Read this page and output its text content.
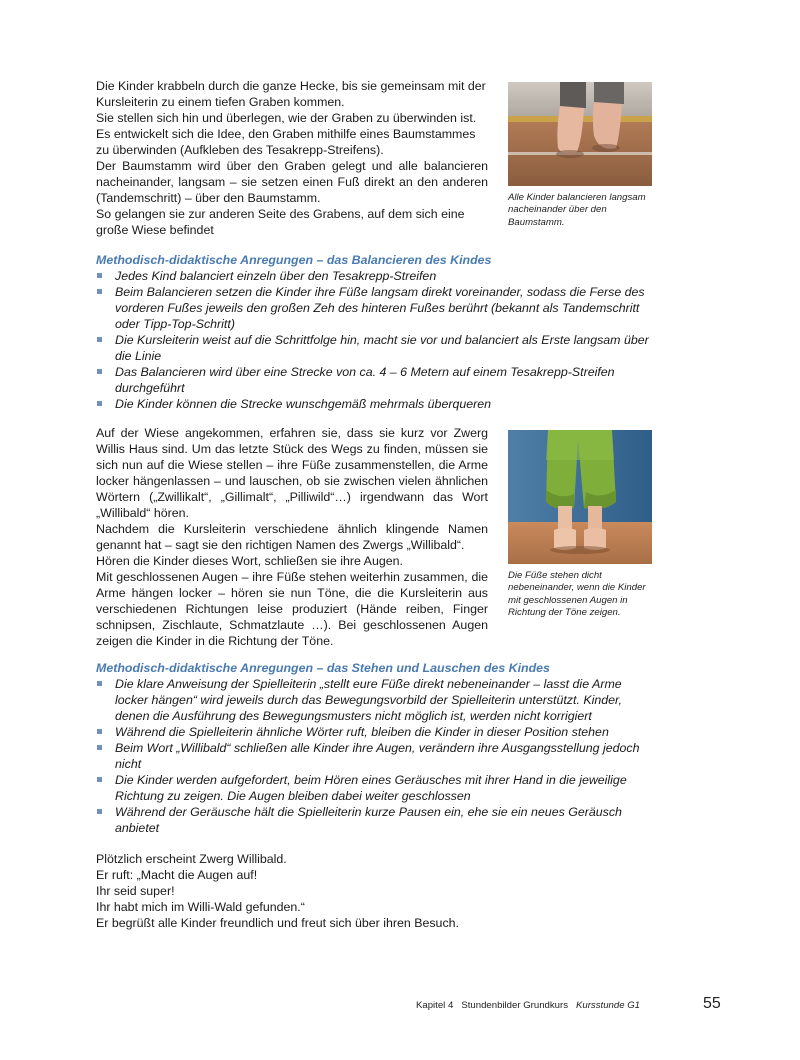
Die Kinder krabbeln durch die ganze Hecke, bis sie gemeinsam mit der Kursleiterin zu einem tiefen Graben kommen.

Sie stellen sich hin und überlegen, wie der Graben zu überwinden ist.

Es entwickelt sich die Idee, den Graben mithilfe eines Baumstammes zu überwinden (Aufkleben des Tesakrepp-Streifens).

Der Baumstamm wird über den Graben gelegt und alle balancieren nacheinander, langsam – sie setzen einen Fuß direkt an den anderen (Tandemschritt) – über den Baumstamm.

So gelangen sie zur anderen Seite des Grabens, auf dem sich eine große Wiese befindet

Alle Kinder balancieren langsam nacheinander über den Baumstamm.

Methodisch-didaktische Anregungen – das Balancieren des Kindes

Jedes Kind balanciert einzeln über den Tesakrepp-Streifen
Beim Balancieren setzen die Kinder ihre Füße langsam direkt voreinander, sodass die Ferse des vorderen Fußes jeweils den großen Zeh des hinteren Fußes berührt (bekannt als Tandemschritt oder Tipp-Top-Schritt)
Die Kursleiterin weist auf die Schrittfolge hin, macht sie vor und balanciert als Erste langsam über die Linie
Das Balancieren wird über eine Strecke von ca. 4 – 6 Metern auf einem Tesakrepp-Streifen durchgeführt
Die Kinder können die Strecke wunschgemäß mehrmals überqueren

Auf der Wiese angekommen, erfahren sie, dass sie kurz vor Zwerg Willis Haus sind. Um das letzte Stück des Wegs zu finden, müssen sie sich nun auf die Wiese stellen – ihre Füße zusammenstellen, die Arme locker hängenlassen – und lauschen, ob sie zwischen vielen ähnlichen Wörtern („Zwillikalt“, „Gillimalt“, „Pilliwild“…) irgendwann das Wort „Willibald“ hören.

Nachdem die Kursleiterin verschiedene ähnlich klingende Namen genannt hat – sagt sie den richtigen Namen des Zwergs „Willibald“.

Hören die Kinder dieses Wort, schließen sie ihre Augen.

Mit geschlossenen Augen – ihre Füße stehen weiterhin zusammen, die Arme hängen locker – hören sie nun Töne, die die Kursleiterin aus verschiedenen Richtungen leise produziert (Hände reiben, Finger schnipsen, Zischlaute, Schmatzlaute …). Bei geschlossenen Augen zeigen die Kinder in die Richtung der Töne.

Die Füße stehen dicht nebeneinander, wenn die Kinder mit geschlossenen Augen in Richtung der Töne zeigen.

Methodisch-didaktische Anregungen – das Stehen und Lauschen des Kindes

Die klare Anweisung der Spielleiterin „stellt eure Füße direkt nebeneinander – lasst die Arme locker hängen“ wird jeweils durch das Bewegungsvorbild der Spielleiterin unterstützt. Kinder, denen die Ausführung des Bewegungsmusters nicht möglich ist, werden nicht korrigiert
Während die Spielleiterin ähnliche Wörter ruft, bleiben die Kinder in dieser Position stehen
Beim Wort „Willibald“ schließen alle Kinder ihre Augen, verändern ihre Ausgangsstellung jedoch nicht
Die Kinder werden aufgefordert, beim Hören eines Geräusches mit ihrer Hand in die jeweilige Richtung zu zeigen. Die Augen bleiben dabei weiter geschlossen
Während der Geräusche hält die Spielleiterin kurze Pausen ein, ehe sie ein neues Geräusch anbietet

Plötzlich erscheint Zwerg Willibald.

Er ruft: „Macht die Augen auf!

Ihr seid super!

Ihr habt mich im Willi-Wald gefunden.“

Er begrüßt alle Kinder freundlich und freut sich über ihren Besuch.

Kapitel 4 Stundenbilder Grundkurs Kursstunde G1	55
